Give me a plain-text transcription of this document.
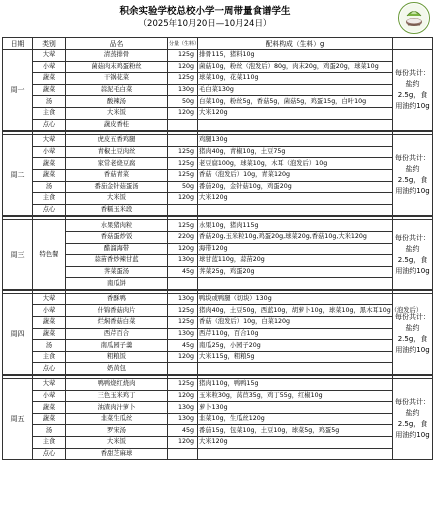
积余实验学校总校小学一周带量食谱学生
（2025年10月20日—10月24日）
日期	类别	品名	分量（生料）	配料构成（生料）g	
周一	大荤	清蒸排骨	125g	排骨115，猪料10g	每份共计：盐约2.5g，食用油约10g
	小荤	菌菇肉末鸡蛋粉丝	120g	菌菇10g，粉丝（泡发后）80g，肉末20g，鸡蛋20g，球菜10g	
	蔬菜	干锅花菜	125g	球菜10g，花菜110g	
	蔬菜	蒜泥毛白菜	130g	毛白菜130g	
	汤	酸辣汤	50g	白菜10g，粉丝5g，香菇5g，菌菇5g，鸡蛋15g，白叶10g	
	主食	大米饭	120g	大米120g	
	点心	蔬皮香桂			

周二	大荤	虎皮五香鸡腿		鸡腿130g	每份共计：盐约2.5g，食用油约10g
	小荤	青椒土豆肉丝	125g	猪肉40g，青椒10g，土豆75g	
	蔬菜	家常老烧豆腐	125g	老豆腐100g，球菜10g，木耳（泡发后）10g	
	蔬菜	香菇青菜	125g	香菇（泡发后）10g，青菜120g	
	汤	番茄金针菇蛋汤	50g	番茄20g，金针菇10g，鸡蛋20g	
	主食	大米饭	120g	大米120g	
	点心	香糯玉米段			

周三	特色餐	水果猪肉粒	125g	水果10g，猪肉115g	每份共计：盐约2.5g，食用油约10g
		香菇蛋炒饭	220g	香菇20g,玉米粒10g,鸡蛋20g,球菜20g,香菇10g,大米120g	
		醋溜海带	120g	海带120g	
		蒜苗香炒辣甘蓝	130g	球甘蓝110g，蒜苗20g	
		荠菜蛋汤	45g	荠菜25g，鸡蛋20g	
		南瓜饼			

周四	大荤	香酥鸭	130g	鸭块或鸭腿（切块）130g	每份共计：盐约2.5g，食用油约10g
	小荤	什锦香菇肉片	125g	猪肉40g，土豆50g，西蓝10g，胡萝卜10g，球菜10g，黑木耳10g（泡发后）	
	蔬菜	烂焖香菇白菜	125g	香菇（泡发后）10g，白菜120g	
	蔬菜	西芹百合	130g	西芹110g，百合10g	
	汤	南瓜园子羹	45g	南瓜25g，小园子20g	
	主食	粗粮饭	120g	大米115g，粗粮5g	
	点心	奶黄包			

周五	大荤	鸭鸭烧红烧肉	125g	猪肉110g，鸭鸭15g	每份共计：盐约2.5g，食用油约10g
	小荤	三色玉米鸡丁	120g	玉米粒30g，莴苣35g，鸡丁55g，红椒10g	
	蔬菜	油渣肉汁萝卜	130g	萝卜130g	
	蔬菜	韭菜生瓜丝	130g	韭菜10g，生瓜丝120g	
	汤	罗宋汤	45g	番茄15g，包菜10g，土豆10g，球菜5g，鸡蛋5g	
	主食	大米饭	120g	大米120g	
	点心	香甜芝麻球			
